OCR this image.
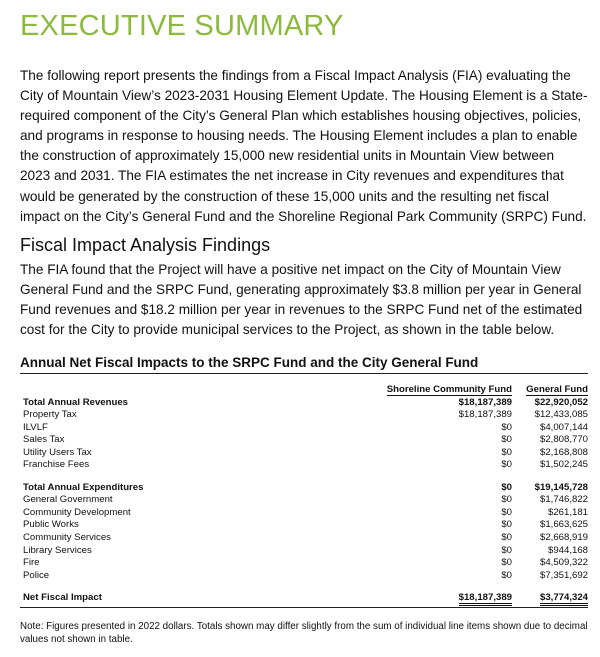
EXECUTIVE SUMMARY
The following report presents the findings from a Fiscal Impact Analysis (FIA) evaluating the City of Mountain View’s 2023-2031 Housing Element Update. The Housing Element is a State-required component of the City’s General Plan which establishes housing objectives, policies, and programs in response to housing needs. The Housing Element includes a plan to enable the construction of approximately 15,000 new residential units in Mountain View between 2023 and 2031. The FIA estimates the net increase in City revenues and expenditures that would be generated by the construction of these 15,000 units and the resulting net fiscal impact on the City’s General Fund and the Shoreline Regional Park Community (SRPC) Fund.
Fiscal Impact Analysis Findings
The FIA found that the Project will have a positive net impact on the City of Mountain View General Fund and the SRPC Fund, generating approximately $3.8 million per year in General Fund revenues and $18.2 million per year in revenues to the SRPC Fund net of the estimated cost for the City to provide municipal services to the Project, as shown in the table below.
Annual Net Fiscal Impacts to the SRPC Fund and the City General Fund
	Shoreline Community Fund	General Fund
Total Annual Revenues	$18,187,389	$22,920,052
Property Tax	$18,187,389	$12,433,085
ILVLF	$0	$4,007,144
Sales Tax	$0	$2,808,770
Utility Users Tax	$0	$2,168,808
Franchise Fees	$0	$1,502,245

Total Annual Expenditures	$0	$19,145,728
General Government	$0	$1,746,822
Community Development	$0	$261,181
Public Works	$0	$1,663,625
Community Services	$0	$2,668,919
Library Services	$0	$944,168
Fire	$0	$4,509,322
Police	$0	$7,351,692

Net Fiscal Impact	$18,187,389	$3,774,324
Note: Figures presented in 2022 dollars. Totals shown may differ slightly from the sum of individual line items shown due to decimal values not shown in table.
